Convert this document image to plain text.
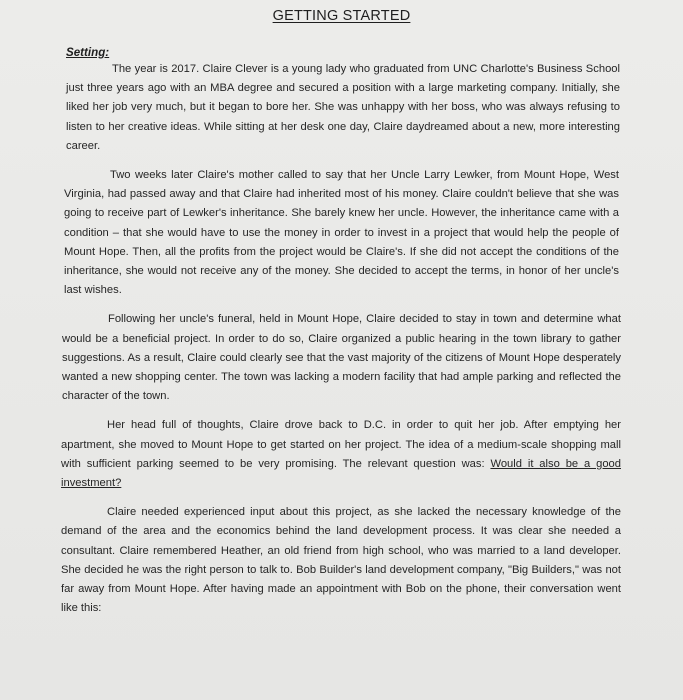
GETTING STARTED
Setting:

The year is 2017. Claire Clever is a young lady who graduated from UNC Charlotte's Business School just three years ago with an MBA degree and secured a position with a large marketing company. Initially, she liked her job very much, but it began to bore her. She was unhappy with her boss, who was always refusing to listen to her creative ideas. While sitting at her desk one day, Claire daydreamed about a new, more interesting career.

Two weeks later Claire's mother called to say that her Uncle Larry Lewker, from Mount Hope, West Virginia, had passed away and that Claire had inherited most of his money. Claire couldn't believe that she was going to receive part of Lewker's inheritance. She barely knew her uncle. However, the inheritance came with a condition – that she would have to use the money in order to invest in a project that would help the people of Mount Hope. Then, all the profits from the project would be Claire's. If she did not accept the conditions of the inheritance, she would not receive any of the money. She decided to accept the terms, in honor of her uncle's last wishes.

Following her uncle's funeral, held in Mount Hope, Claire decided to stay in town and determine what would be a beneficial project. In order to do so, Claire organized a public hearing in the town library to gather suggestions. As a result, Claire could clearly see that the vast majority of the citizens of Mount Hope desperately wanted a new shopping center. The town was lacking a modern facility that had ample parking and reflected the character of the town.

Her head full of thoughts, Claire drove back to D.C. in order to quit her job. After emptying her apartment, she moved to Mount Hope to get started on her project. The idea of a medium-scale shopping mall with sufficient parking seemed to be very promising. The relevant question was: Would it also be a good investment?

Claire needed experienced input about this project, as she lacked the necessary knowledge of the demand of the area and the economics behind the land development process. It was clear she needed a consultant. Claire remembered Heather, an old friend from high school, who was married to a land developer. She decided he was the right person to talk to. Bob Builder's land development company, "Big Builders," was not far away from Mount Hope. After having made an appointment with Bob on the phone, their conversation went like this:
